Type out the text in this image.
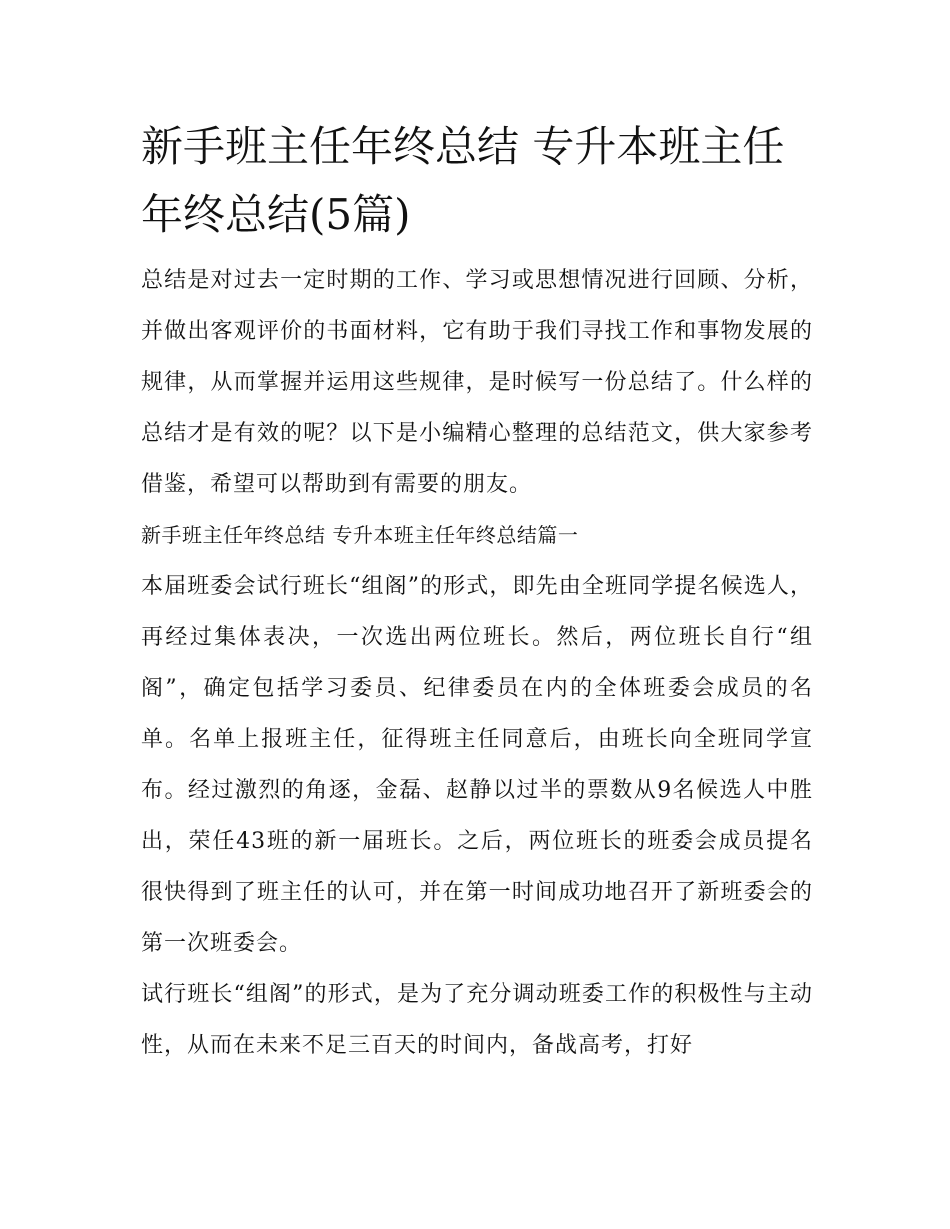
新手班主任年终总结 专升本班主任年终总结(5篇)

总结是对过去一定时期的工作、学习或思想情况进行回顾、分析，并做出客观评价的书面材料，它有助于我们寻找工作和事物发展的规律，从而掌握并运用这些规律，是时候写一份总结了。什么样的总结才是有效的呢？以下是小编精心整理的总结范文，供大家参考借鉴，希望可以帮助到有需要的朋友。

新手班主任年终总结 专升本班主任年终总结篇一

本届班委会试行班长“组阁”的形式，即先由全班同学提名候选人，再经过集体表决，一次选出两位班长。然后，两位班长自行“组阁”，确定包括学习委员、纪律委员在内的全体班委会成员的名单。名单上报班主任，征得班主任同意后，由班长向全班同学宣布。经过激烈的角逐，金磊、赵静以过半的票数从9名候选人中胜出，荣任43班的新一届班长。之后，两位班长的班委会成员提名很快得到了班主任的认可，并在第一时间成功地召开了新班委会的第一次班委会。

试行班长“组阁”的形式，是为了充分调动班委工作的积极性与主动性，从而在未来不足三百天的时间内，备战高考，打好
